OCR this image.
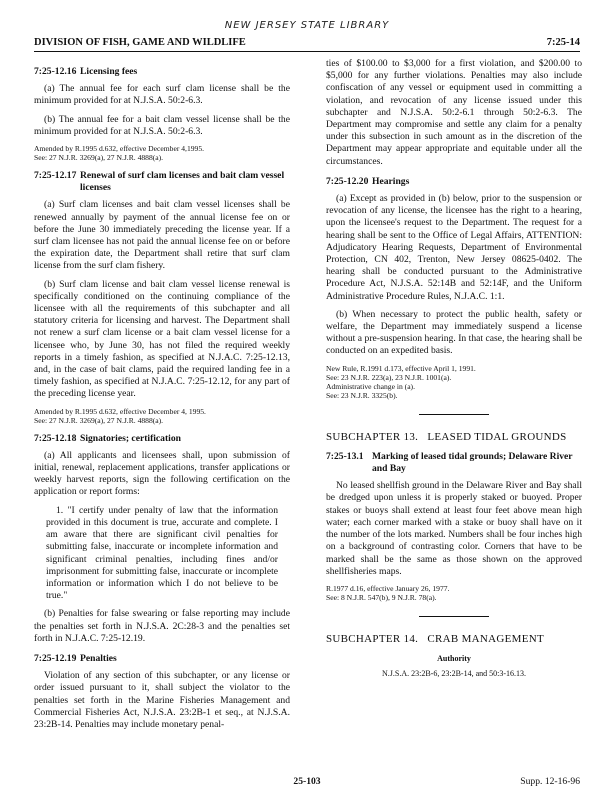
NEW JERSEY STATE LIBRARY
DIVISION OF FISH, GAME AND WILDLIFE	7:25-14
7:25-12.16 Licensing fees

(a) The annual fee for each surf clam license shall be the minimum provided for at N.J.S.A. 50:2-6.3.

(b) The annual fee for a bait clam vessel license shall be the minimum provided for at N.J.S.A. 50:2-6.3.

Amended by R.1995 d.632, effective December 4,1995.
See: 27 N.J.R. 3269(a), 27 N.J.R. 4888(a).

7:25-12.17 Renewal of surf clam licenses and bait clam vessel licenses

(a) Surf clam licenses and bait clam vessel licenses shall be renewed annually by payment of the annual license fee on or before the June 30 immediately preceding the license year. If a surf clam licensee has not paid the annual license fee on or before the expiration date, the Department shall retire that surf clam license from the surf clam fishery.

(b) Surf clam license and bait clam vessel license renewal is specifically conditioned on the continuing compliance of the licensee with all the requirements of this subchapter and all statutory criteria for licensing and harvest. The Department shall not renew a surf clam license or a bait clam vessel license for a licensee who, by June 30, has not filed the required weekly reports in a timely fashion, as specified at N.J.A.C. 7:25-12.13, and, in the case of bait clams, paid the required landing fee in a timely fashion, as specified at N.J.A.C. 7:25-12.12, for any part of the preceding license year.

Amended by R.1995 d.632, effective December 4, 1995.
See: 27 N.J.R. 3269(a), 27 N.J.R. 4888(a).

7:25-12.18 Signatories; certification

(a) All applicants and licensees shall, upon submission of initial, renewal, replacement applications, transfer applications or weekly harvest reports, sign the following certification on the application or report forms:

1. "I certify under penalty of law that the information provided in this document is true, accurate and complete. I am aware that there are significant civil penalties for submitting false, inaccurate or incomplete information and significant criminal penalties, including fines and/or imprisonment for submitting false, inaccurate or incomplete information or information which I do not believe to be true."

(b) Penalties for false swearing or false reporting may include the penalties set forth in N.J.S.A. 2C:28-3 and the penalties set forth in N.J.A.C. 7:25-12.19.

7:25-12.19 Penalties

Violation of any section of this subchapter, or any license or order issued pursuant to it, shall subject the violator to the penalties set forth in the Marine Fisheries Management and Commercial Fisheries Act, N.J.S.A. 23:2B-1 et seq., at N.J.S.A. 23:2B-14. Penalties may include monetary penal-

ties of $100.00 to $3,000 for a first violation, and $200.00 to $5,000 for any further violations. Penalties may also include confiscation of any vessel or equipment used in committing a violation, and revocation of any license issued under this subchapter and N.J.S.A. 50:2-6.1 through 50:2-6.3. The Department may compromise and settle any claim for a penalty under this subsection in such amount as in the discretion of the Department may appear appropriate and equitable under all the circumstances.

7:25-12.20 Hearings

(a) Except as provided in (b) below, prior to the suspension or revocation of any license, the licensee has the right to a hearing, upon the licensee's request to the Department. The request for a hearing shall be sent to the Office of Legal Affairs, ATTENTION: Adjudicatory Hearing Requests, Department of Environmental Protection, CN 402, Trenton, New Jersey 08625-0402. The hearing shall be conducted pursuant to the Administrative Procedure Act, N.J.S.A. 52:14B and 52:14F, and the Uniform Administrative Procedure Rules, N.J.A.C. 1:1.

(b) When necessary to protect the public health, safety or welfare, the Department may immediately suspend a license without a pre-suspension hearing. In that case, the hearing shall be conducted on an expedited basis.

New Rule, R.1991 d.173, effective April 1, 1991.
See: 23 N.J.R. 223(a), 23 N.J.R. 1001(a).
Administrative change in (a).
See: 23 N.J.R. 3325(b).

SUBCHAPTER 13.   LEASED TIDAL GROUNDS
7:25-13.1 Marking of leased tidal grounds; Delaware River and Bay

No leased shellfish ground in the Delaware River and Bay shall be dredged upon unless it is properly staked or buoyed. Proper stakes or buoys shall extend at least four feet above mean high water; each corner marked with a stake or buoy shall have on it the number of the lots marked. Numbers shall be four inches high on a background of contrasting color. Corners that have to be marked shall be the same as those shown on the approved shellfisheries maps.

R.1977 d.16, effective January 26, 1977.
See: 8 N.J.R. 547(b), 9 N.J.R. 78(a).

SUBCHAPTER 14.   CRAB MANAGEMENT
Authority
N.J.S.A. 23:2B-6, 23:2B-14, and 50:3-16.13.
25-103	Supp. 12-16-96
